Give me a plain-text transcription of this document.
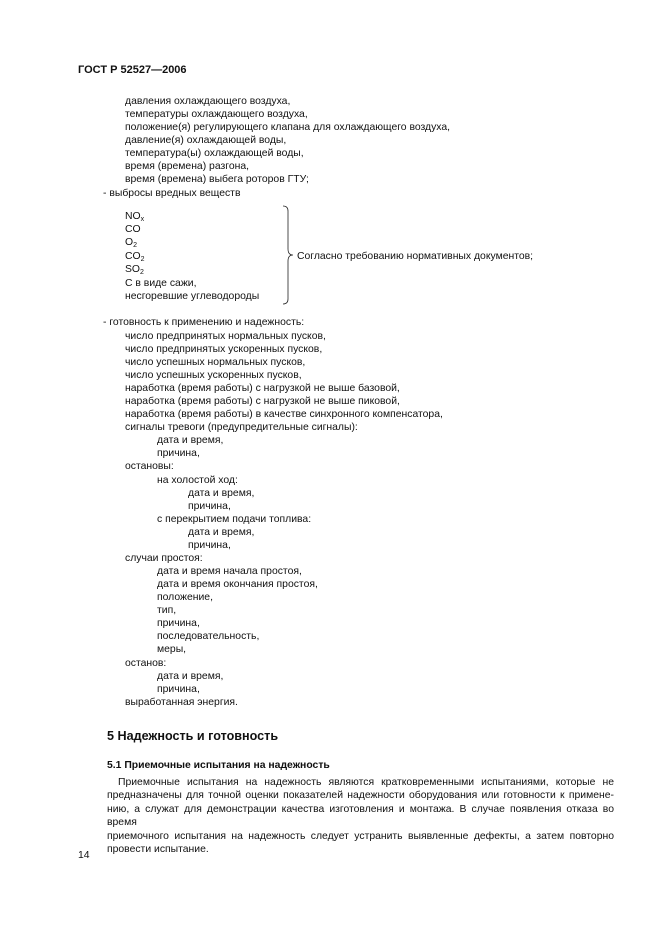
ГОСТ Р 52527—2006
давления охлаждающего воздуха,
температуры охлаждающего воздуха,
положение(я) регулирующего клапана для охлаждающего воздуха,
давление(я) охлаждающей воды,
температура(ы) охлаждающей воды,
время (времена) разгона,
время (времена) выбега роторов ГТУ;
- выбросы вредных веществ
$NO_x$
CO
$O_2$
$CO_2$
$SO_2$
С в виде сажи,
несгоревшие углеводороды
Согласно требованию нормативных документов;
- готовность к применению и надежность:
число предпринятых нормальных пусков,
число предпринятых ускоренных пусков,
число успешных нормальных пусков,
число успешных ускоренных пусков,
наработка (время работы) с нагрузкой не выше базовой,
наработка (время работы) с нагрузкой не выше пиковой,
наработка (время работы) в качестве синхронного компенсатора,
сигналы тревоги (предупредительные сигналы):
дата и время,
причина,
остановы:
на холостой ход:
дата и время,
причина,
с перекрытием подачи топлива:
дата и время,
причина,
случаи простоя:
дата и время начала простоя,
дата и время окончания простоя,
положение,
тип,
причина,
последовательность,
меры,
останов:
дата и время,
причина,
выработанная энергия.
5 Надежность и готовность
5.1 Приемочные испытания на надежность
Приемочные испытания на надежность являются кратковременными испытаниями, которые не
предназначены для точной оценки показателей надежности оборудования или готовности к примене-
нию, а служат для демонстрации качества изготовления и монтажа. В случае появления отказа во время
приемочного испытания на надежность следует устранить выявленные дефекты, а затем повторно
провести испытание.
14
